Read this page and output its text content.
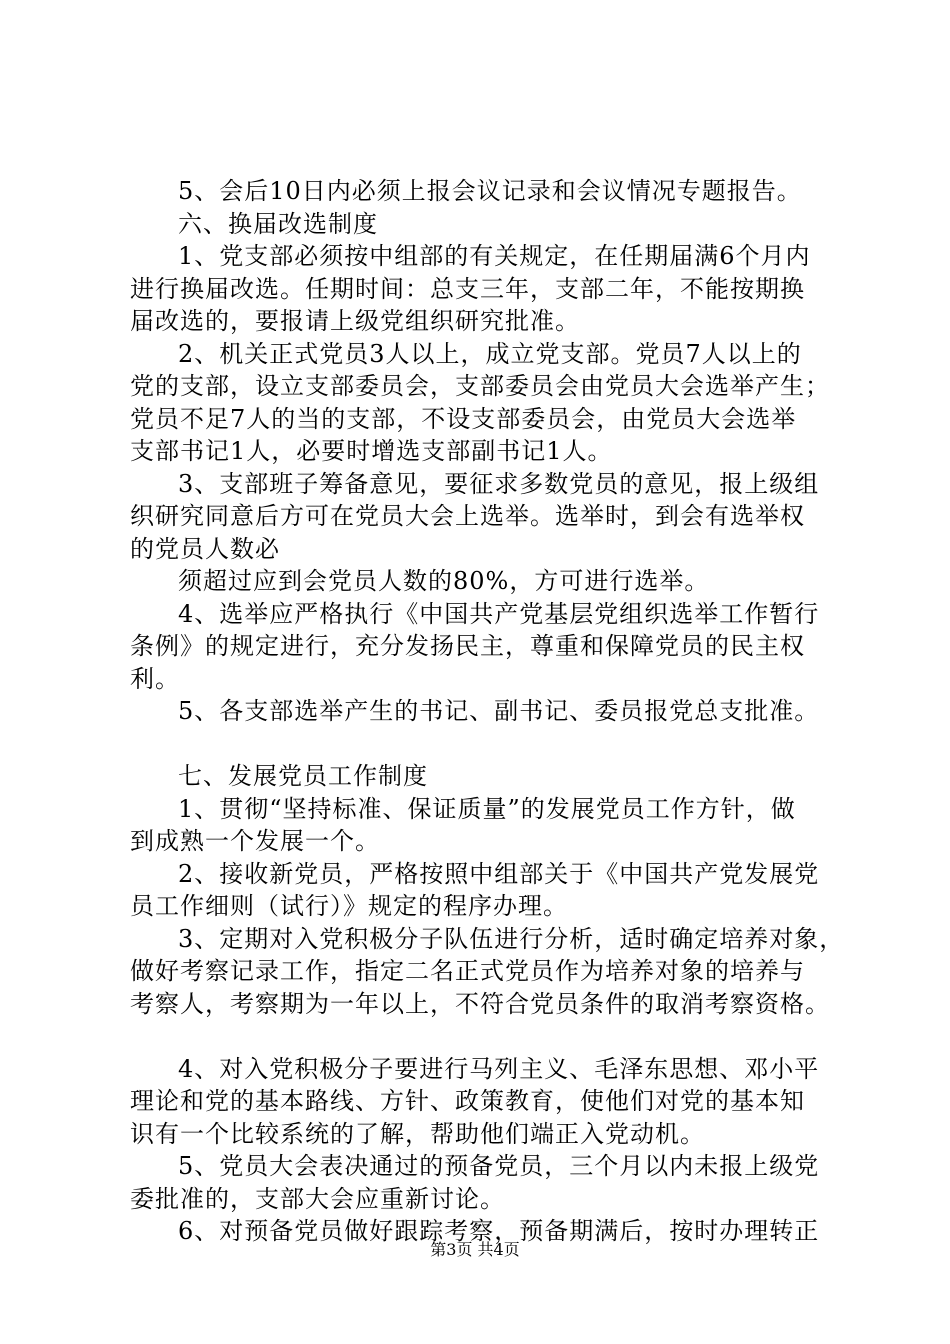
5、会后10日内必须上报会议记录和会议情况专题报告。
六、换届改选制度
1、党支部必须按中组部的有关规定，在任期届满6个月内
进行换届改选。任期时间：总支三年，支部二年，不能按期换
届改选的，要报请上级党组织研究批准。
2、机关正式党员3人以上，成立党支部。党员7人以上的
党的支部，设立支部委员会，支部委员会由党员大会选举产生；
党员不足7人的当的支部，不设支部委员会，由党员大会选举
支部书记1人，必要时增选支部副书记1人。
3、支部班子筹备意见，要征求多数党员的意见，报上级组
织研究同意后方可在党员大会上选举。选举时，到会有选举权
的党员人数必
须超过应到会党员人数的80%，方可进行选举。
4、选举应严格执行《中国共产党基层党组织选举工作暂行
条例》的规定进行，充分发扬民主，尊重和保障党员的民主权
利。
5、各支部选举产生的书记、副书记、委员报党总支批准。
七、发展党员工作制度
1、贯彻“坚持标准、保证质量”的发展党员工作方针，做
到成熟一个发展一个。
2、接收新党员，严格按照中组部关于《中国共产党发展党
员工作细则（试行）》规定的程序办理。
3、定期对入党积极分子队伍进行分析，适时确定培养对象，
做好考察记录工作，指定二名正式党员作为培养对象的培养与
考察人，考察期为一年以上，不符合党员条件的取消考察资格。
4、对入党积极分子要进行马列主义、毛泽东思想、邓小平
理论和党的基本路线、方针、政策教育，使他们对党的基本知
识有一个比较系统的了解，帮助他们端正入党动机。
5、党员大会表决通过的预备党员，三个月以内未报上级党
委批准的，支部大会应重新讨论。
6、对预备党员做好跟踪考察，预备期满后，按时办理转正
第3页 共4页
